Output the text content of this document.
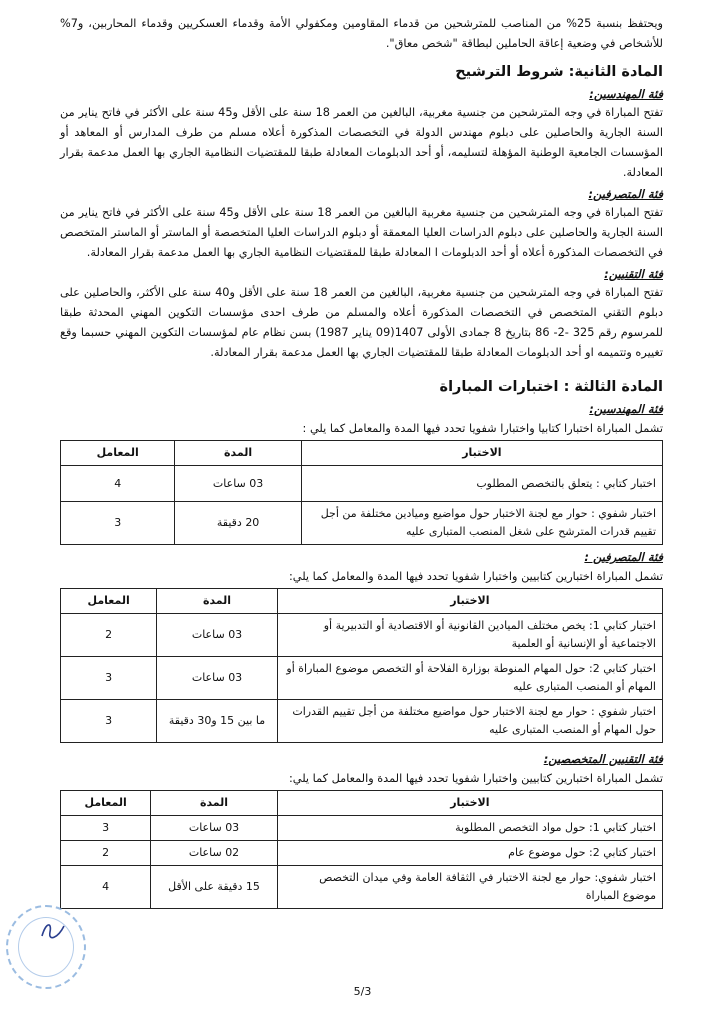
ويحتفظ بنسبة 25% من المناصب للمترشحين من قدماء المقاومين ومكفولي الأمة وقدماء العسكريين وقدماء المحاربين، و7% للأشخاص في وضعية إعاقة الحاملين لبطاقة "شخص معاق".

المادة الثانية: شروط الترشيح
فئة المهندسين:

تفتح المباراة في وجه المترشحين من جنسية مغربية، البالغين من العمر 18 سنة على الأقل و45 سنة على الأكثر في فاتح يناير من السنة الجارية والحاصلين على دبلوم مهندس الدولة في التخصصات المذكورة أعلاه مسلم من طرف المدارس أو المعاهد أو المؤسسات الجامعية الوطنية المؤهلة لتسليمه، أو أحد الدبلومات المعادلة طبقا للمقتضيات النظامية الجاري بها العمل مدعمة بقرار المعادلة.

فئة المتصرفين:

تفتح المباراة في وجه المترشحين من جنسية مغربية البالغين من العمر 18 سنة على الأقل و45 سنة على الأكثر في فاتح يناير من السنة الجارية والحاصلين على دبلوم الدراسات العليا المعمقة أو دبلوم الدراسات العليا المتخصصة أو الماستر أو الماستر المتخصص في التخصصات المذكورة أعلاه أو أحد الدبلومات ا المعادلة طبقا للمقتضيات النظامية الجاري بها العمل مدعمة بقرار المعادلة.

فئة التقنيين:

تفتح المباراة في وجه المترشحين من جنسية مغربية، البالغين من العمر 18 سنة على الأقل و40 سنة على الأكثر، والحاصلين على دبلوم التقني المتخصص في التخصصات المذكورة أعلاه والمسلم من طرف احدى مؤسسات التكوين المهني المحدثة طبقا للمرسوم رقم 325 -2- 86 بتاريخ 8 جمادى الأولى 1407(09 يناير 1987) بسن نظام عام لمؤسسات التكوين المهني حسبما وقع تغييره وتتميمه او أحد الدبلومات المعادلة طبقا للمقتضيات الجاري بها العمل مدعمة بقرار المعادلة.

المادة الثالثة : اختبارات المباراة
فئة المهندسين:

تشمل المباراة اختبارا كتابيا واختبارا شفويا تحدد فيها المدة والمعامل كما يلي :

الاختبار	المدة	المعامل
اختبار كتابي : يتعلق بالتخصص المطلوب	03 ساعات	4
اختبار شفوي : حوار مع لجنة الاختبار حول مواضيع وميادين مختلفة من أجل تقييم قدرات المترشح على شغل المنصب المتبارى عليه	20 دقيقة	3
فئة المتصرفين :

تشمل المباراة اختبارين كتابيين واختبارا شفويا تحدد فيها المدة والمعامل كما يلي:

الاختبار	المدة	المعامل
اختبار كتابي 1: يخص مختلف الميادين القانونية أو الاقتصادية أو التدبيرية أو الاجتماعية أو الإنسانية أو العلمية	03 ساعات	2
اختبار كتابي 2: حول المهام المنوطة بوزارة الفلاحة أو التخصص موضوع المباراة أو المهام أو المنصب المتبارى عليه	03 ساعات	3
اختبار شفوي : حوار مع لجنة الاختبار حول مواضيع مختلفة من أجل تقييم القدرات حول المهام أو المنصب المتبارى عليه	ما بين 15 و30 دقيقة	3
فئة التقنيين المتخصصين:

تشمل المباراة اختبارين كتابيين واختبارا شفويا تحدد فيها المدة والمعامل كما يلي:

الاختبار	المدة	المعامل
اختبار كتابي 1: حول مواد التخصص المطلوبة	03 ساعات	3
اختبار كتابي 2: حول موضوع عام	02 ساعات	2
اختبار شفوي: حوار مع لجنة الاختبار في الثقافة العامة وفي ميدان التخصص موضوع المباراة	15 دقيقة على الأقل	4
5/3
